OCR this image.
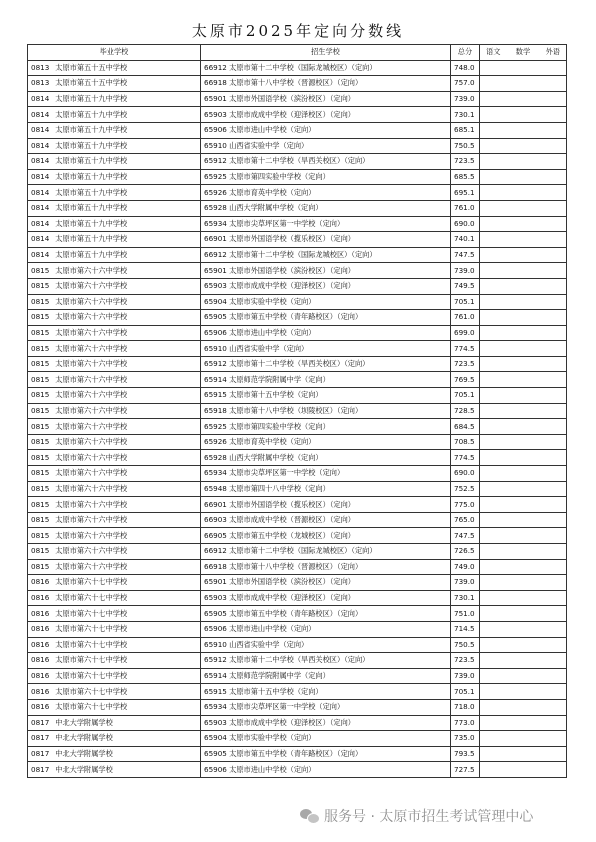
太原市2025年定向分数线
毕业学校	招生学校	总分	语文 数学 外语

0813 太原市第五十五中学校	66912 太原市第十二中学校（国际龙城校区）（定向）	748.0	
0813 太原市第五十五中学校	66918 太原市第十八中学校（晋源校区）（定向）	757.0	
0814 太原市第五十九中学校	65901 太原市外国语学校（滨汾校区）（定向）	739.0	
0814 太原市第五十九中学校	65903 太原市成成中学校（迎泽校区）（定向）	730.1	
0814 太原市第五十九中学校	65906 太原市进山中学校（定向）	685.1	
0814 太原市第五十九中学校	65910 山西省实验中学（定向）	750.5	
0814 太原市第五十九中学校	65912 太原市第十二中学校（旱西关校区）（定向）	723.5	
0814 太原市第五十九中学校	65925 太原市第四实验中学校（定向）	685.5	
0814 太原市第五十九中学校	65926 太原市育英中学校（定向）	695.1	
0814 太原市第五十九中学校	65928 山西大学附属中学校（定向）	761.0	
0814 太原市第五十九中学校	65934 太原市尖草坪区第一中学校（定向）	690.0	
0814 太原市第五十九中学校	66901 太原市外国语学校（揽乐校区）（定向）	740.1	
0814 太原市第五十九中学校	66912 太原市第十二中学校（国际龙城校区）（定向）	747.5	
0815 太原市第六十六中学校	65901 太原市外国语学校（滨汾校区）（定向）	739.0	
0815 太原市第六十六中学校	65903 太原市成成中学校（迎泽校区）（定向）	749.5	
0815 太原市第六十六中学校	65904 太原市实验中学校（定向）	705.1	
0815 太原市第六十六中学校	65905 太原市第五中学校（青年路校区）（定向）	761.0	
0815 太原市第六十六中学校	65906 太原市进山中学校（定向）	699.0	
0815 太原市第六十六中学校	65910 山西省实验中学（定向）	774.5	
0815 太原市第六十六中学校	65912 太原市第十二中学校（旱西关校区）（定向）	723.5	
0815 太原市第六十六中学校	65914 太原师范学院附属中学（定向）	769.5	
0815 太原市第六十六中学校	65915 太原市第十五中学校（定向）	705.1	
0815 太原市第六十六中学校	65918 太原市第十八中学校（坝陵校区）（定向）	728.5	
0815 太原市第六十六中学校	65925 太原市第四实验中学校（定向）	684.5	
0815 太原市第六十六中学校	65926 太原市育英中学校（定向）	708.5	
0815 太原市第六十六中学校	65928 山西大学附属中学校（定向）	774.5	
0815 太原市第六十六中学校	65934 太原市尖草坪区第一中学校（定向）	690.0	
0815 太原市第六十六中学校	65948 太原市第四十八中学校（定向）	752.5	
0815 太原市第六十六中学校	66901 太原市外国语学校（揽乐校区）（定向）	775.0	
0815 太原市第六十六中学校	66903 太原市成成中学校（晋源校区）（定向）	765.0	
0815 太原市第六十六中学校	66905 太原市第五中学校（龙城校区）（定向）	747.5	
0815 太原市第六十六中学校	66912 太原市第十二中学校（国际龙城校区）（定向）	726.5	
0815 太原市第六十六中学校	66918 太原市第十八中学校（晋源校区）（定向）	749.0	
0816 太原市第六十七中学校	65901 太原市外国语学校（滨汾校区）（定向）	739.0	
0816 太原市第六十七中学校	65903 太原市成成中学校（迎泽校区）（定向）	730.1	
0816 太原市第六十七中学校	65905 太原市第五中学校（青年路校区）（定向）	751.0	
0816 太原市第六十七中学校	65906 太原市进山中学校（定向）	714.5	
0816 太原市第六十七中学校	65910 山西省实验中学（定向）	750.5	
0816 太原市第六十七中学校	65912 太原市第十二中学校（旱西关校区）（定向）	723.5	
0816 太原市第六十七中学校	65914 太原师范学院附属中学（定向）	739.0	
0816 太原市第六十七中学校	65915 太原市第十五中学校（定向）	705.1	
0816 太原市第六十七中学校	65934 太原市尖草坪区第一中学校（定向）	718.0	
0817 中北大学附属学校	65903 太原市成成中学校（迎泽校区）（定向）	773.0	
0817 中北大学附属学校	65904 太原市实验中学校（定向）	735.0	
0817 中北大学附属学校	65905 太原市第五中学校（青年路校区）（定向）	793.5	
0817 中北大学附属学校	65906 太原市进山中学校（定向）	727.5	
服务号 · 太原市招生考试管理中心
